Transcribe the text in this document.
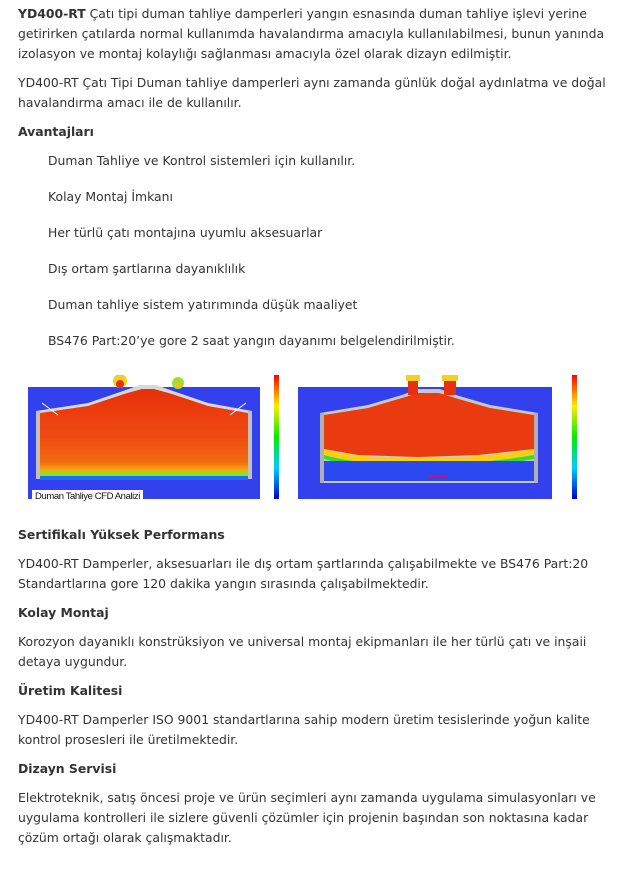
YD400-RT Çatı tipi duman tahliye damperleri yangın esnasında duman tahliye işlevi yerine getirirken çatılarda normal kullanımda havalandırma amacıyla kullanılabilmesi, bunun yanında izolasyon ve montaj kolaylığı sağlanması amacıyla özel olarak dizayn edilmiştir.

YD400-RT Çatı Tipi Duman tahliye damperleri aynı zamanda günlük doğal aydınlatma ve doğal havalandırma amacı ile de kullanılır.

Avantajları
Duman Tahliye ve Kontrol sistemleri için kullanılır.
Kolay Montaj İmkanı
Her türlü çatı montajına uyumlu aksesuarlar
Dış ortam şartlarına dayanıklılık
Duman tahliye sistem yatırımında düşük maaliyet
BS476 Part:20’ye gore 2 saat yangın dayanımı belgelendirilmiştir.
Duman Tahliye CFD Analizi
Sertifikalı Yüksek Performans

YD400-RT Damperler, aksesuarları ile dış ortam şartlarında çalışabilmekte ve BS476 Part:20 Standartlarına gore 120 dakika yangın sırasında çalışabilmektedir.

Kolay Montaj

Korozyon dayanıklı konstrüksiyon ve universal montaj ekipmanları ile her türlü çatı ve inşaii detaya uygundur.

Üretim Kalitesi

YD400-RT Damperler ISO 9001 standartlarına sahip modern üretim tesislerinde yoğun kalite kontrol prosesleri ile üretilmektedir.

Dizayn Servisi

Elektroteknik, satış öncesi proje ve ürün seçimleri aynı zamanda uygulama simulasyonları ve uygulama kontrolleri ile sizlere güvenli çözümler için projenin başından son noktasına kadar çözüm ortağı olarak çalışmaktadır.
